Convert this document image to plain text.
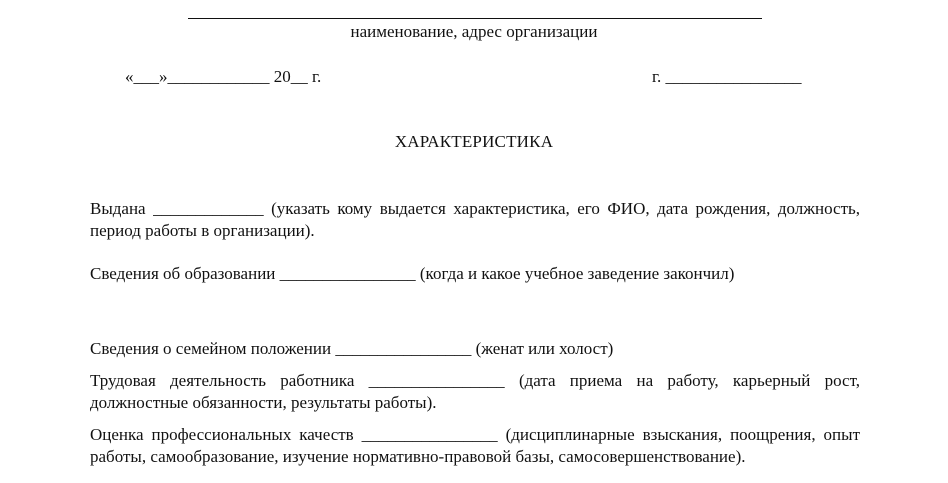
наименование, адрес организации
«___»____________ 20__ г.	г. ________________
ХАРАКТЕРИСТИКА
Выдана _____________ (указать кому выдается характеристика, его ФИО, дата рождения, должность, период работы в организации).
Сведения об образовании ________________ (когда и какое учебное заведение закончил)
Сведения о семейном положении ________________ (женат или холост)
Трудовая деятельность работника ________________ (дата приема на работу, карьерный рост, должностные обязанности, результаты работы).
Оценка профессиональных качеств ________________ (дисциплинарные взыскания, поощрения, опыт работы, самообразование, изучение нормативно-правовой базы, самосовершенствование).
